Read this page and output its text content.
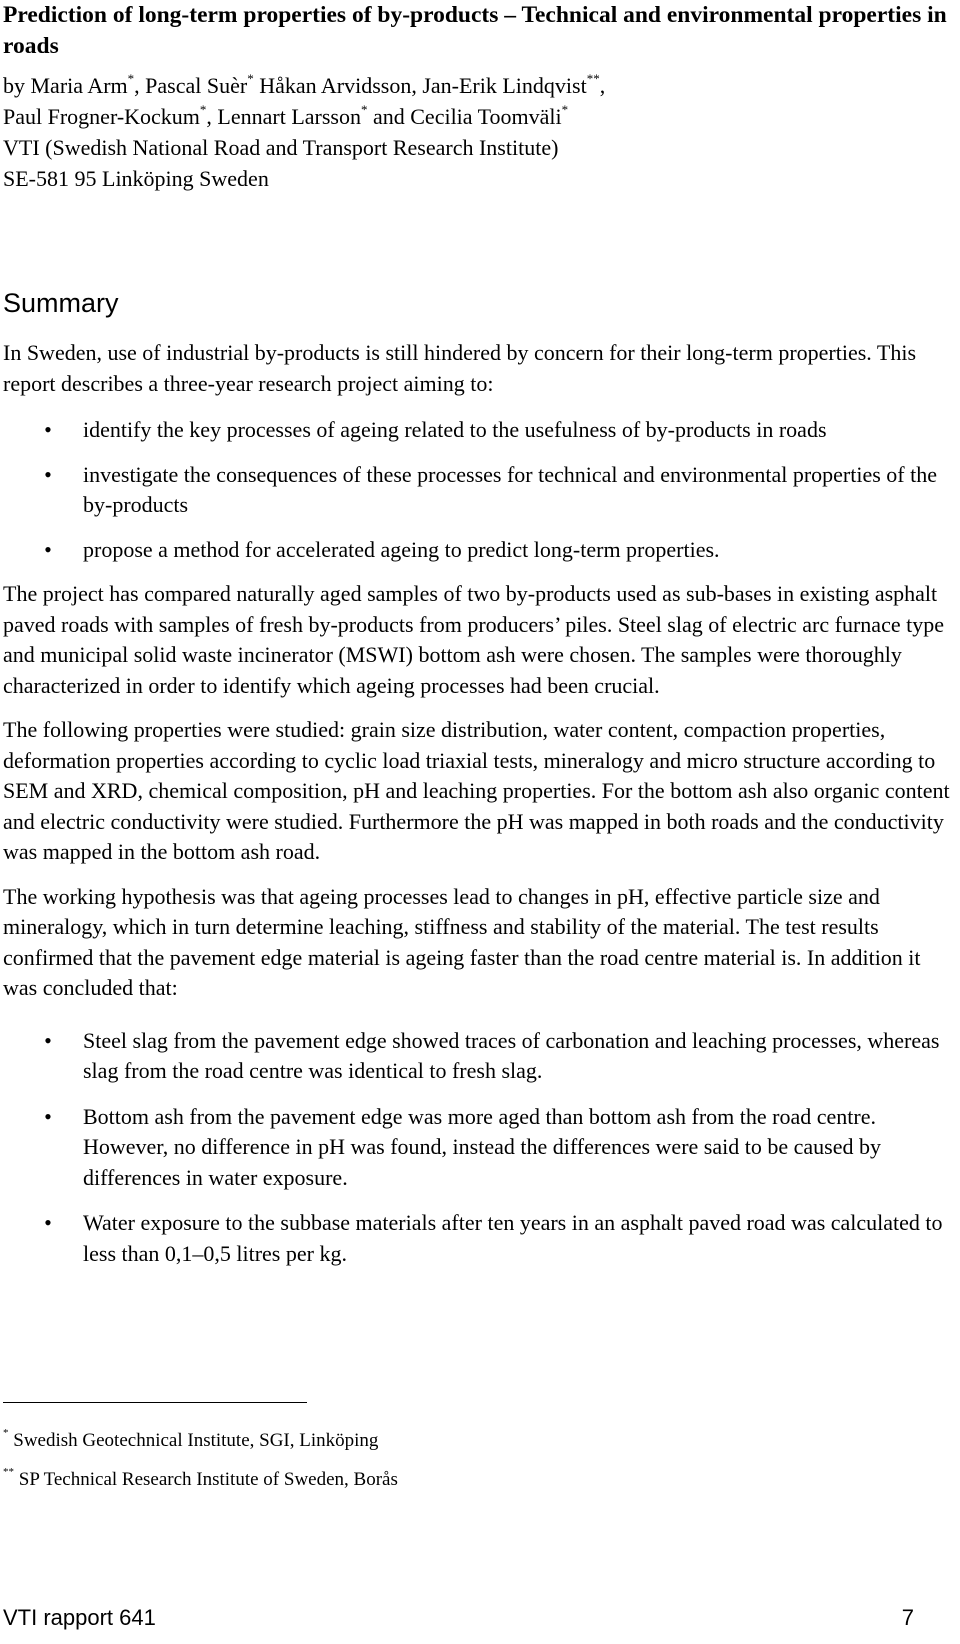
Prediction of long-term properties of by-products – Technical and environmental properties in roads

by Maria Arm*, Pascal Suèr* Håkan Arvidsson, Jan-Erik Lindqvist**,

Paul Frogner-Kockum*, Lennart Larsson* and Cecilia Toomväli*

VTI (Swedish National Road and Transport Research Institute)

SE-581 95 Linköping Sweden

Summary

In Sweden, use of industrial by-products is still hindered by concern for their long-term properties. This report describes a three-year research project aiming to:

• identify the key processes of ageing related to the usefulness of by-products in roads
• investigate the consequences of these processes for technical and environmental properties of the by-products
• propose a method for accelerated ageing to predict long-term properties.

The project has compared naturally aged samples of two by-products used as sub-bases in existing asphalt paved roads with samples of fresh by-products from producers’ piles. Steel slag of electric arc furnace type and municipal solid waste incinerator (MSWI) bottom ash were chosen. The samples were thoroughly characterized in order to identify which ageing processes had been crucial.

The following properties were studied: grain size distribution, water content, compaction properties, deformation properties according to cyclic load triaxial tests, mineralogy and micro structure according to SEM and XRD, chemical composition, pH and leaching properties. For the bottom ash also organic content and electric conductivity were studied. Furthermore the pH was mapped in both roads and the conductivity was mapped in the bottom ash road.

The working hypothesis was that ageing processes lead to changes in pH, effective particle size and mineralogy, which in turn determine leaching, stiffness and stability of the material. The test results confirmed that the pavement edge material is ageing faster than the road centre material is. In addition it was concluded that:

• Steel slag from the pavement edge showed traces of carbonation and leaching processes, whereas slag from the road centre was identical to fresh slag.
• Bottom ash from the pavement edge was more aged than bottom ash from the road centre. However, no difference in pH was found, instead the differences were said to be caused by differences in water exposure.
• Water exposure to the subbase materials after ten years in an asphalt paved road was calculated to less than 0,1–0,5 litres per kg.

* Swedish Geotechnical Institute, SGI, Linköping

** SP Technical Research Institute of Sweden, Borås

VTI rapport 641	7
